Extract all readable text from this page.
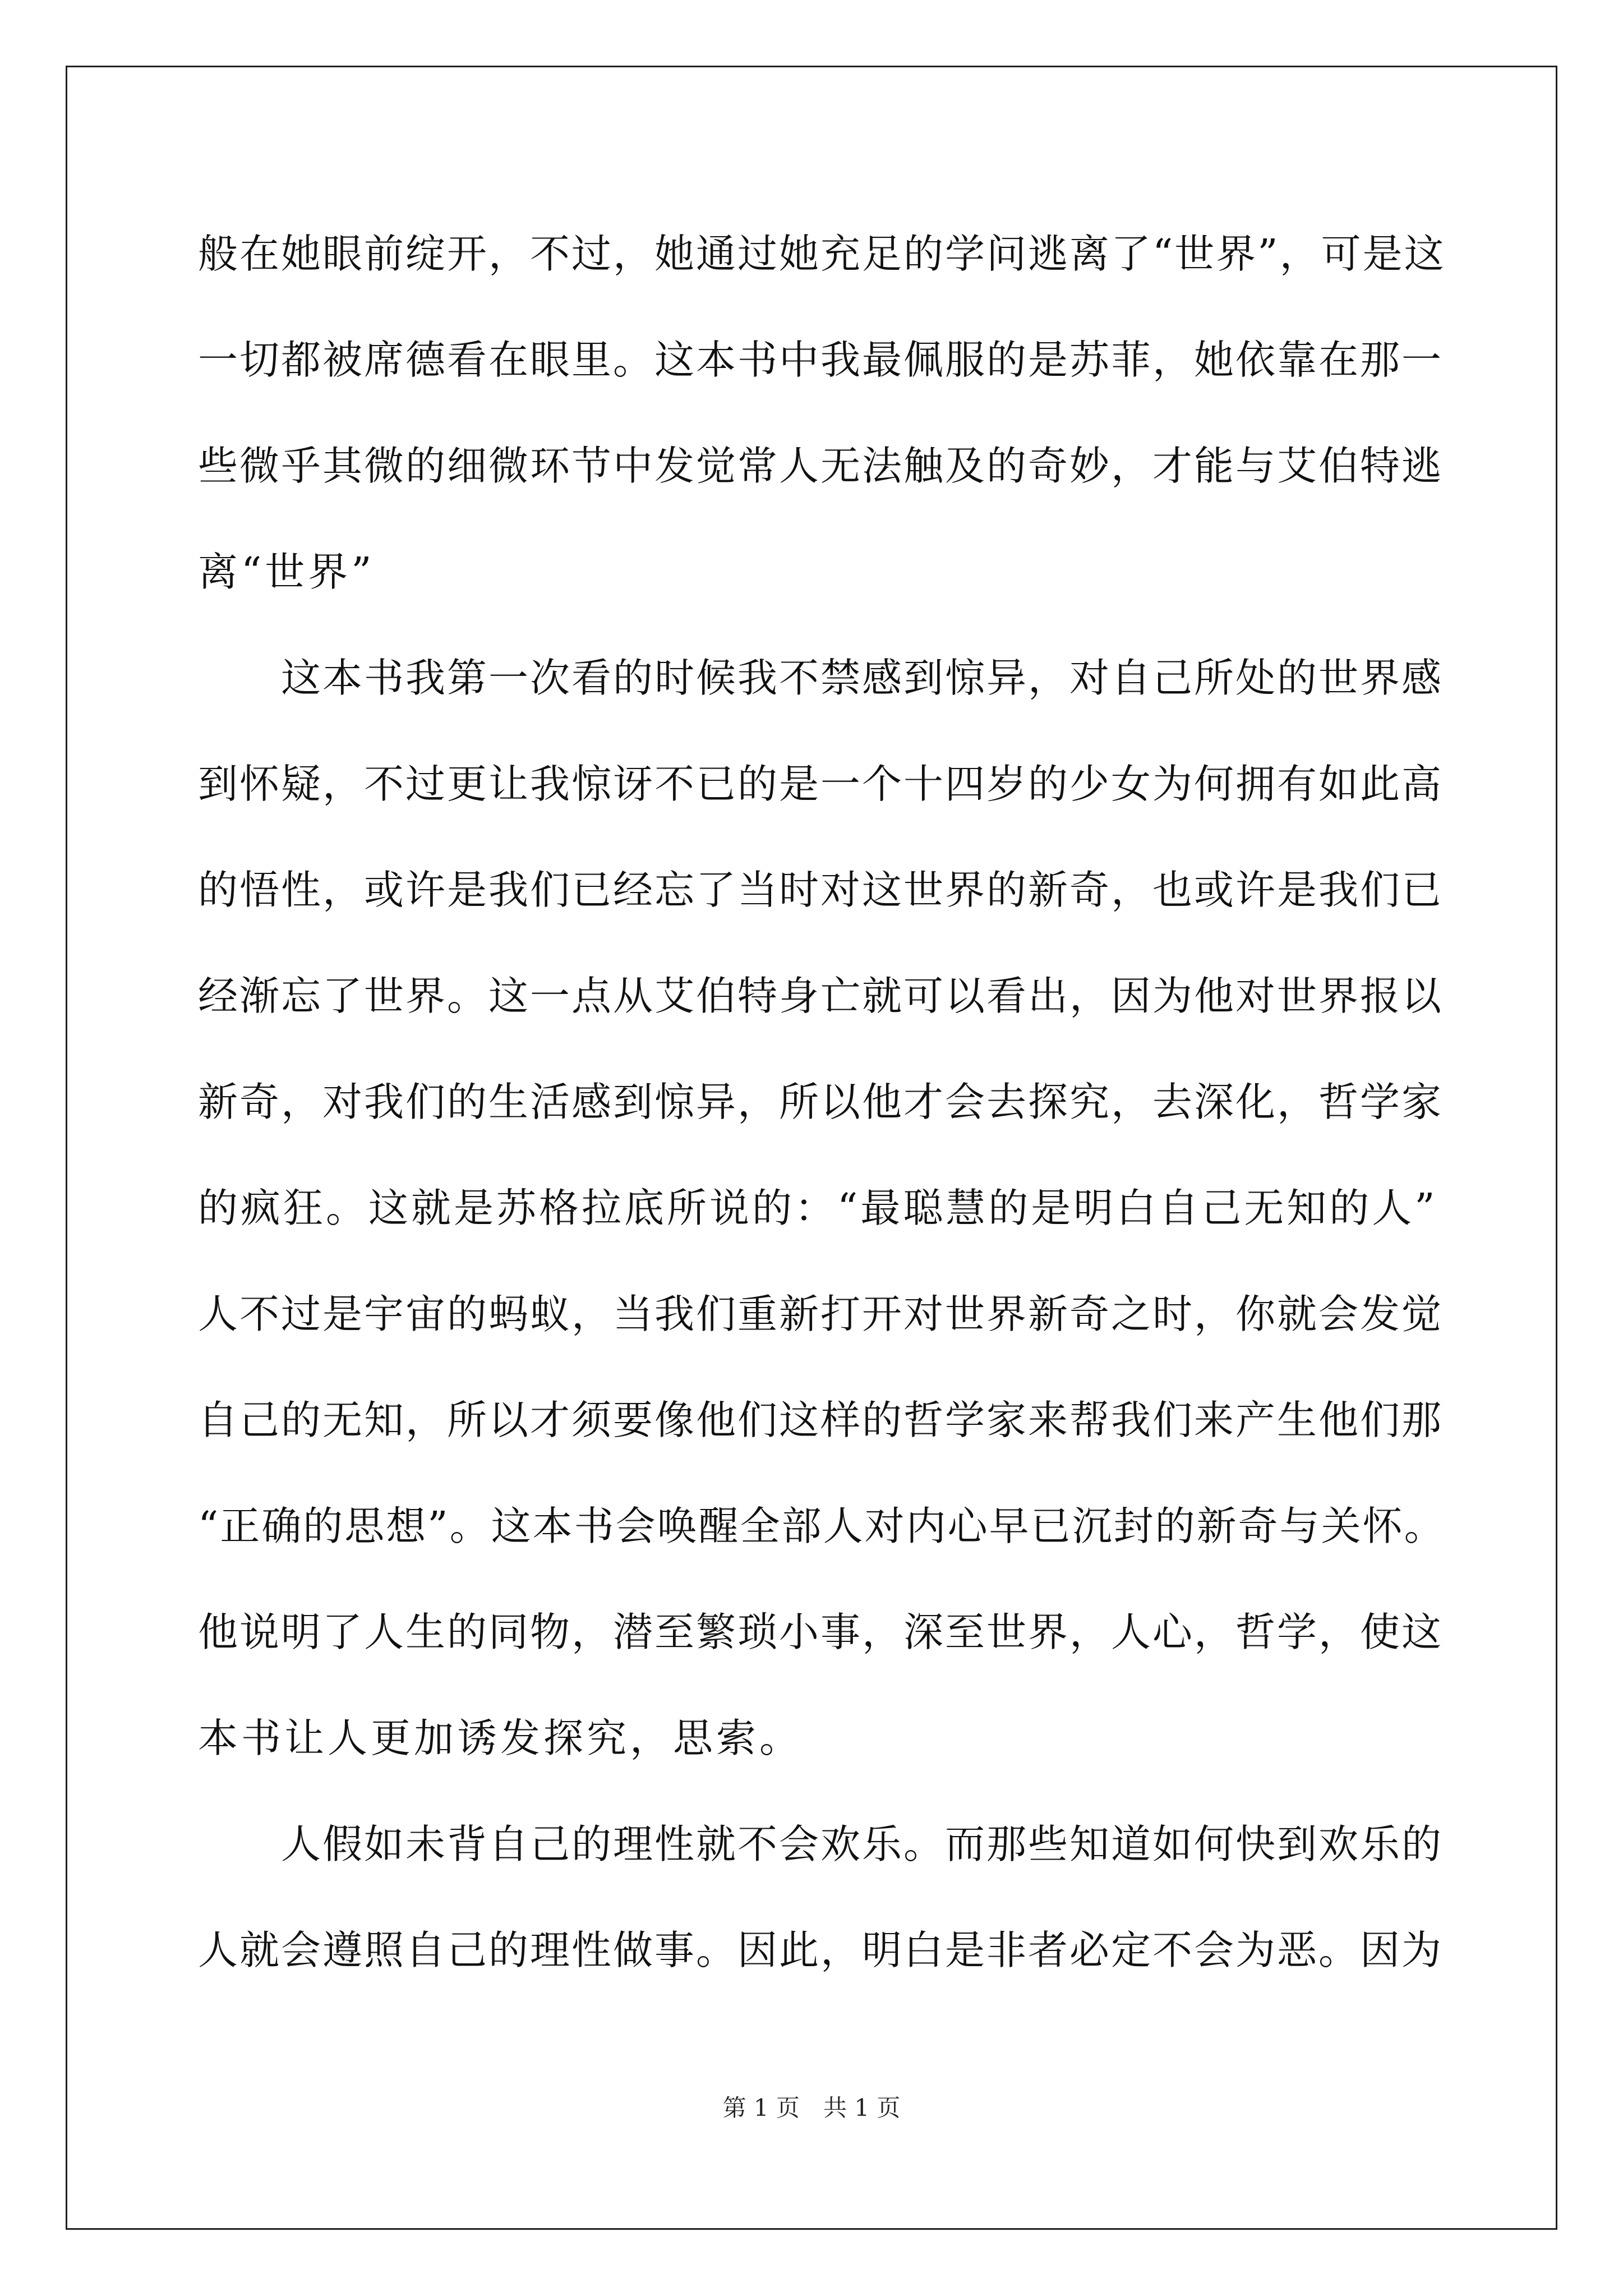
般在她眼前绽开，不过，她通过她充足的学问逃离了“世界”，可是这
一切都被席德看在眼里。这本书中我最佩服的是苏菲，她依靠在那一
些微乎其微的细微环节中发觉常人无法触及的奇妙，才能与艾伯特逃
离“世界”
　　这本书我第一次看的时候我不禁感到惊异，对自己所处的世界感
到怀疑，不过更让我惊讶不已的是一个十四岁的少女为何拥有如此高
的悟性，或许是我们已经忘了当时对这世界的新奇，也或许是我们已
经渐忘了世界。这一点从艾伯特身亡就可以看出，因为他对世界报以
新奇，对我们的生活感到惊异，所以他才会去探究，去深化，哲学家
的疯狂。这就是苏格拉底所说的：“最聪慧的是明白自己无知的人”
人不过是宇宙的蚂蚁，当我们重新打开对世界新奇之时，你就会发觉
自己的无知，所以才须要像他们这样的哲学家来帮我们来产生他们那
“正确的思想”。这本书会唤醒全部人对内心早已沉封的新奇与关怀。
他说明了人生的同物，潜至繁琐小事，深至世界，人心，哲学，使这
本书让人更加诱发探究，思索。
　　人假如未背自己的理性就不会欢乐。而那些知道如何快到欢乐的
人就会遵照自己的理性做事。因此，明白是非者必定不会为恶。因为
第 1 页　共 1 页
